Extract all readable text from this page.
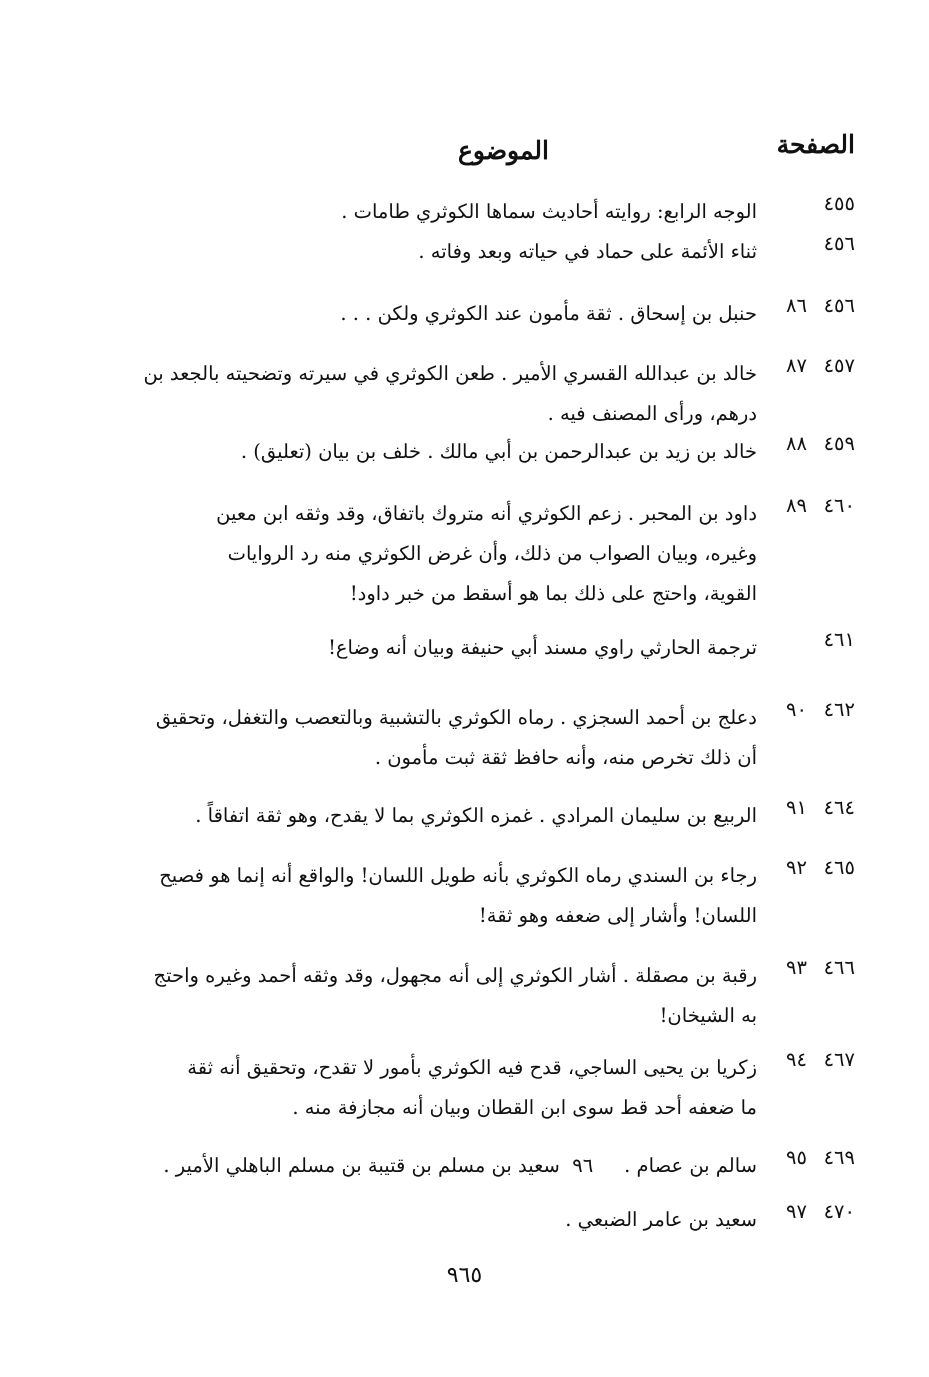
الصفحة
الموضوع
٤٥٥
الوجه الرابع: روايته أحاديث سماها الكوثري طامات .
٤٥٦
ثناء الأئمة على حماد في حياته وبعد وفاته .
٤٥٦
٨٦
حنبل بن إسحاق . ثقة مأمون عند الكوثري ولكن . . .
٤٥٧
٨٧
خالد بن عبدالله القسري الأمير . طعن الكوثري في سيرته وتضحيته بالجعد بن
درهم، ورأى المصنف فيه .
٤٥٩
٨٨
خالد بن زيد بن عبدالرحمن بن أبي مالك . خلف بن بيان (تعليق) .
٤٦٠
٨٩
داود بن المحبر . زعم الكوثري أنه متروك باتفاق، وقد وثقه ابن معين
وغيره، وبيان الصواب من ذلك، وأن غرض الكوثري منه رد الروايات
القوية، واحتج على ذلك بما هو أسقط من خبر داود!
٤٦١
ترجمة الحارثي راوي مسند أبي حنيفة وبيان أنه وضاع!
٤٦٢
٩٠
دعلج بن أحمد السجزي . رماه الكوثري بالتشبية وبالتعصب والتغفل، وتحقيق
أن ذلك تخرص منه، وأنه حافظ ثقة ثبت مأمون .
٤٦٤
٩١
الربيع بن سليمان المرادي . غمزه الكوثري بما لا يقدح، وهو ثقة اتفاقاً .
٤٦٥
٩٢
رجاء بن السندي رماه الكوثري بأنه طويل اللسان! والواقع أنه إنما هو فصيح
اللسان! وأشار إلى ضعفه وهو ثقة!
٤٦٦
٩٣
رقبة بن مصقلة . أشار الكوثري إلى أنه مجهول، وقد وثقه أحمد وغيره واحتج
به الشيخان!
٤٦٧
٩٤
زكريا بن يحيى الساجي، قدح فيه الكوثري بأمور لا تقدح، وتحقيق أنه ثقة
ما ضعفه أحد قط سوى ابن القطان وبيان أنه مجازفة منه .
٤٦٩
٩٥
سالم بن عصام .     ٩٦  سعيد بن مسلم بن قتيبة بن مسلم الباهلي الأمير .
٤٧٠
٩٧
سعيد بن عامر الضبعي .
٩٦٥
